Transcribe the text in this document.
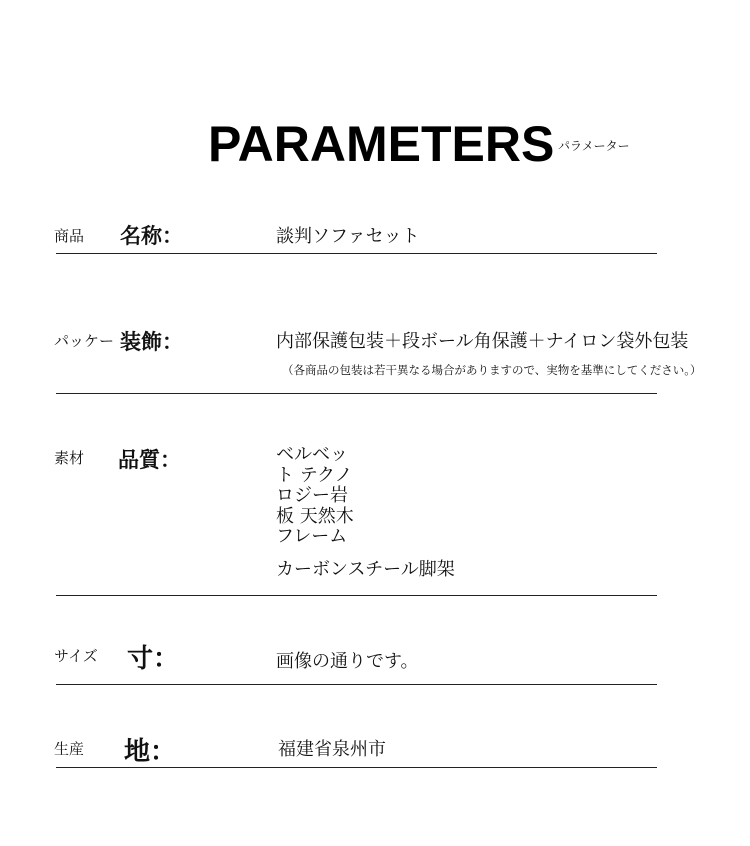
PARAMETERS パラメーター
商品 名称：	談判ソファセット
パッケー 装飾：	内部保護包装＋段ボール角保護＋ナイロン袋外包装
（各商品の包装は若干異なる場合がありますので、実物を基準にしてください。）
素材 品質：	ベルベッ
ト テクノ
ロジー岩
板 天然木
フレーム
カーボンスチール脚架
サイズ 寸：	画像の通りです。
生産 地：	福建省泉州市
